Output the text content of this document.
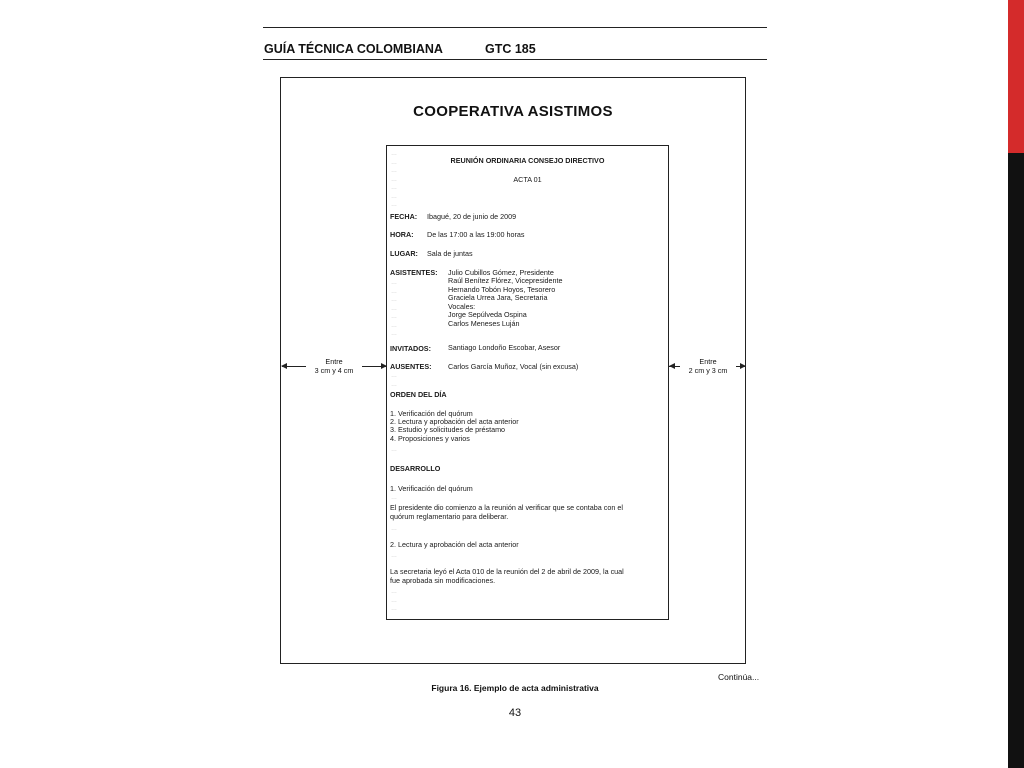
GUÍA TÉCNICA COLOMBIANA	GTC 185
COOPERATIVA ASISTIMOS
…
…
…
…
…
…
…
…
…
…
…
…
…
…
…
…
…
…
…
…
…
…
…
REUNIÓN ORDINARIA CONSEJO DIRECTIVO
ACTA 01
FECHA: Ibagué, 20 de junio de 2009
HORA: De las 17:00 a las 19:00 horas
LUGAR: Sala de juntas
ASISTENTES: Julio Cubillos Gómez, Presidente
Raúl Benítez Flórez, Vicepresidente
Hernando Tobón Hoyos, Tesorero
Graciela Urrea Jara, Secretaria
Vocales:
Jorge Sepúlveda Ospina
Carlos Meneses Luján
INVITADOS: Santiago Londoño Escobar, Asesor
AUSENTES: Carlos García Muñoz, Vocal (sin excusa)
ORDEN DEL DÍA
1. Verificación del quórum
2. Lectura y aprobación del acta anterior
3. Estudio y solicitudes de préstamo
4. Proposiciones y varios
DESARROLLO
1. Verificación del quórum
El presidente dio comienzo a la reunión al verificar que se contaba con el
quórum reglamentario para deliberar.
2. Lectura y aprobación del acta anterior
La secretaria leyó el Acta 010 de la reunión del 2 de abril de 2009, la cual
fue aprobada sin modificaciones.
Entre
3 cm y 4 cm
Entre
2 cm y 3 cm
Continúa...
Figura 16. Ejemplo de acta administrativa
43
